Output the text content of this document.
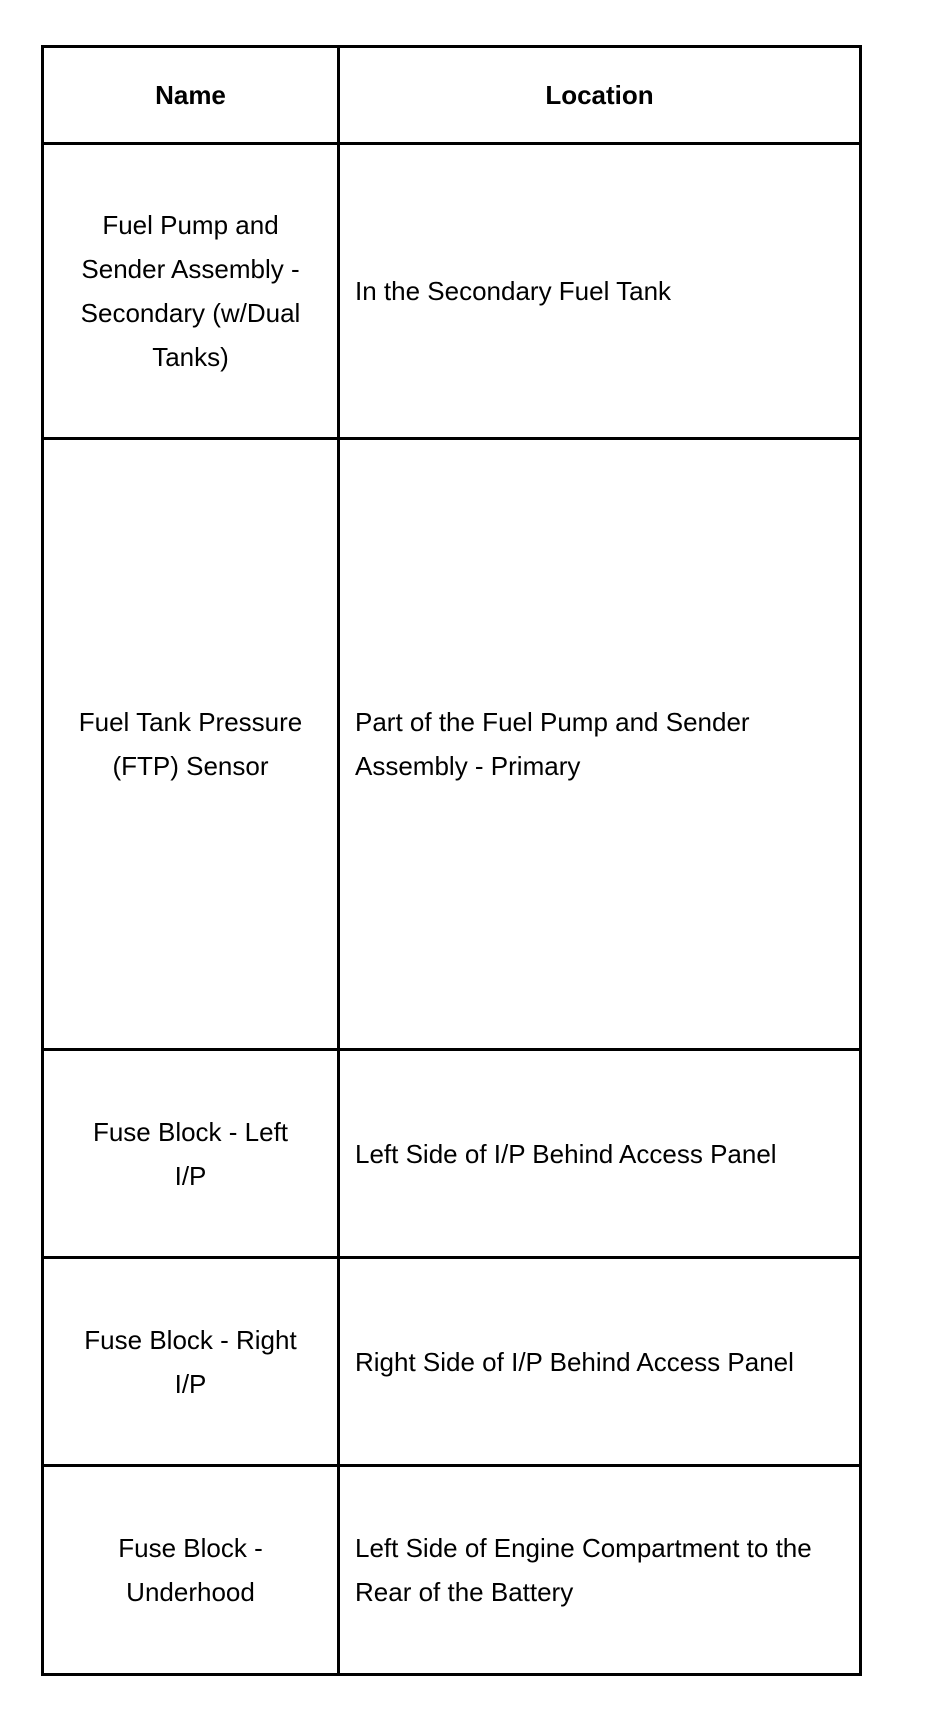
Name	Location
Fuel Pump and Sender Assembly - Secondary (w/Dual Tanks)	In the Secondary Fuel Tank
Fuel Tank Pressure (FTP) Sensor	Part of the Fuel Pump and Sender Assembly - Primary
Fuse Block - Left I/P	Left Side of I/P Behind Access Panel
Fuse Block - Right I/P	Right Side of I/P Behind Access Panel
Fuse Block - Underhood	Left Side of Engine Compartment to the Rear of the Battery
